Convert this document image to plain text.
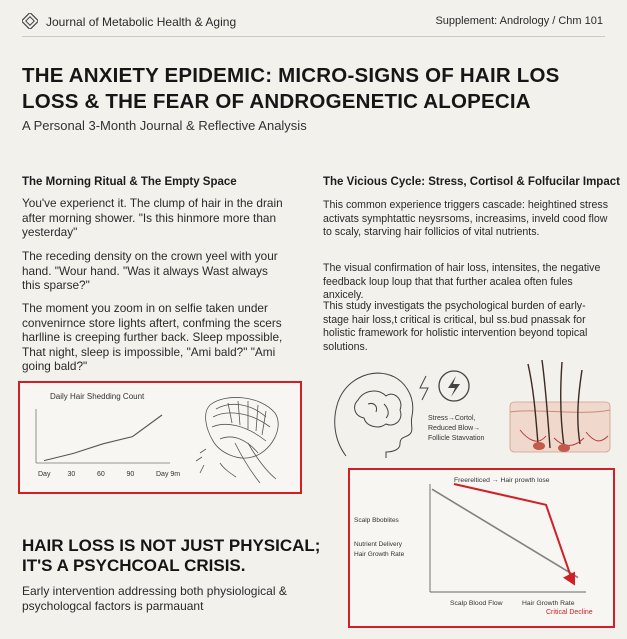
Journal of Metabolic Health & Aging	Supplement: Andrology / Chm 101
THE ANXIETY EPIDEMIC: MICRO-SIGNS OF HAIR LOS
LOSS & THE FEAR OF ANDROGENETIC ALOPECIA
A Personal 3-Month Journal & Reflective Analysis
The Morning Ritual & The Empty Space
You've experienct it. The clump of hair in the drain after morning shower. "Is this hinmore more than yesterday"
The receding density on the crown yeel with your hand. "Wour hand. "Was it always Wast always this sparse?"
The moment you zoom in on selfie taken under convenirnce store lights aftert, confming the scers harlline is creeping further back. Sleep mpossible, That night, sleep is impossible, "Ami bald?" "Ami going bald?"
Daily Hair Shedding Count
Day 30	60	90	Day 9m
The Vicious Cycle: Stress, Cortisol & Folfucilar Impact
This common experience triggers cascade: heightined stress activats symphtattic neysrsoms, increasims, inveld cood flow to scaly, starving hair follicios of vital nutrients.
The visual confirmation of hair loss, intensites, the negative feedback loup loup that that further acalea often fules anxicely.
This study investigats the psychological burden of early-stage hair loss,t critical is critical, bul ss.bud pnassak for holistic framework for holistic intervention beyond topical solutions.
Stress→Cortol,
Reduced Blow→
Follicle Stavvation
Scalp Bboblites
Nutrient Delivery
Hair Growth Rate
Freerelticed → Hair prowth lose
Scalp Blood Flow	Hair Growth Rate
Critical Decline
HAIR LOSS IS NOT JUST PHYSICAL;
IT'S A PSYCHCOAL CRISIS.
Early intervention addressing both physiological & psychologcal factors is parmauant
